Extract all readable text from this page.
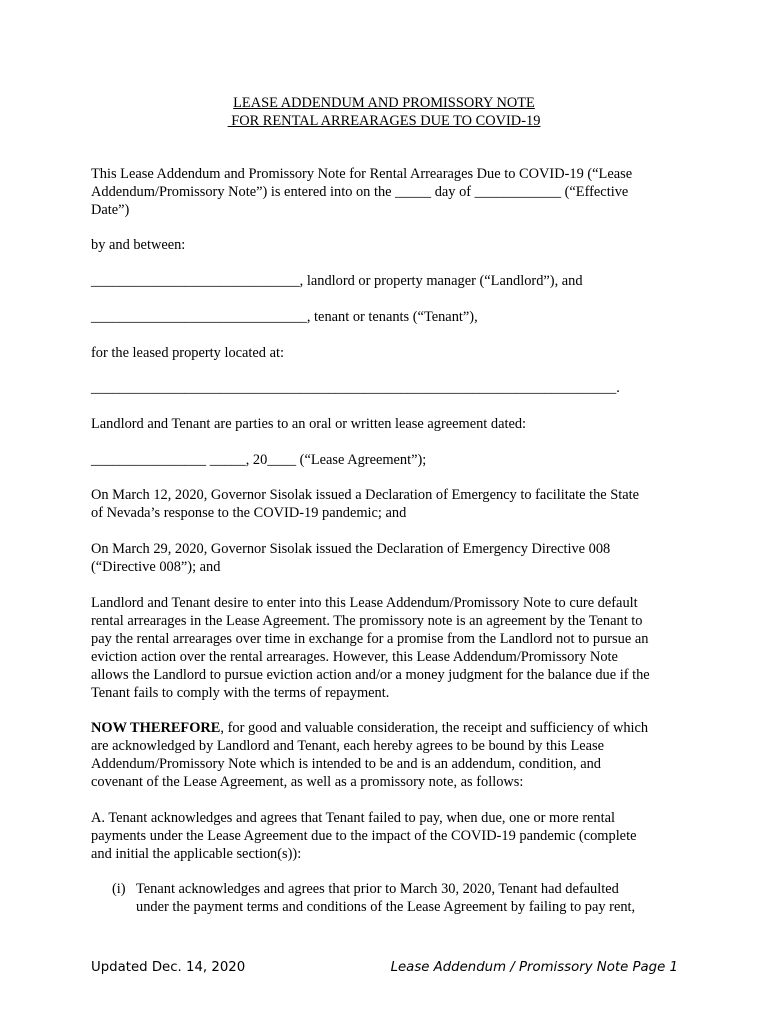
LEASE ADDENDUM AND PROMISSORY NOTE
FOR RENTAL ARREARAGES DUE TO COVID-19
This Lease Addendum and Promissory Note for Rental Arrearages Due to COVID-19 (“Lease
Addendum/Promissory Note”) is entered into on the _____ day of ____________ (“Effective
Date”)
by and between:
_____________________________, landlord or property manager (“Landlord”), and
______________________________, tenant or tenants (“Tenant”),
for the leased property located at:
_________________________________________________________________________.
Landlord and Tenant are parties to an oral or written lease agreement dated:
________________ _____, 20____ (“Lease Agreement”);
On March 12, 2020, Governor Sisolak issued a Declaration of Emergency to facilitate the State
of Nevada’s response to the COVID-19 pandemic; and
On March 29, 2020, Governor Sisolak issued the Declaration of Emergency Directive 008
(“Directive 008”); and
Landlord and Tenant desire to enter into this Lease Addendum/Promissory Note to cure default
rental arrearages in the Lease Agreement. The promissory note is an agreement by the Tenant to
pay the rental arrearages over time in exchange for a promise from the Landlord not to pursue an
eviction action over the rental arrearages. However, this Lease Addendum/Promissory Note
allows the Landlord to pursue eviction action and/or a money judgment for the balance due if the
Tenant fails to comply with the terms of repayment.
NOW THEREFORE, for good and valuable consideration, the receipt and sufficiency of which
are acknowledged by Landlord and Tenant, each hereby agrees to be bound by this Lease
Addendum/Promissory Note which is intended to be and is an addendum, condition, and
covenant of the Lease Agreement, as well as a promissory note, as follows:
A. Tenant acknowledges and agrees that Tenant failed to pay, when due, one or more rental
payments under the Lease Agreement due to the impact of the COVID-19 pandemic (complete
and initial the applicable section(s)):
(i) Tenant acknowledges and agrees that prior to March 30, 2020, Tenant had defaulted
under the payment terms and conditions of the Lease Agreement by failing to pay rent,
Updated Dec. 14, 2020	Lease Addendum / Promissory Note Page 1
